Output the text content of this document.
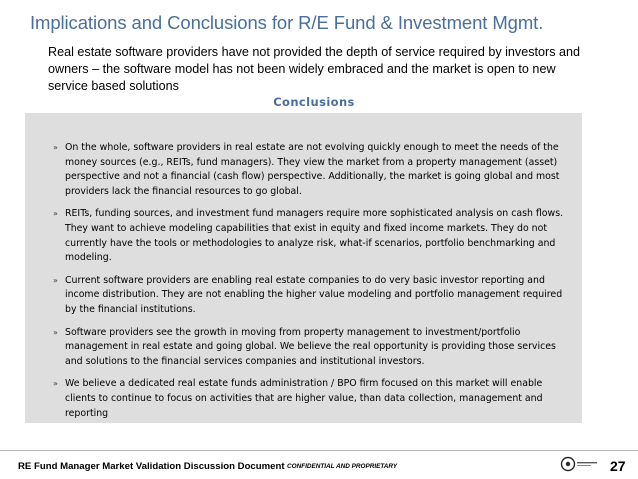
Implications and Conclusions for R/E Fund & Investment Mgmt.
Real estate software providers have not provided the depth of service required by investors and owners – the software model has not been widely embraced and the market is open to new service based solutions
Conclusions
» On the whole, software providers in real estate are not evolving quickly enough to meet the needs of the money sources (e.g., REITs, fund managers). They view the market from a property management (asset) perspective and not a financial (cash flow) perspective. Additionally, the market is going global and most providers lack the financial resources to go global.
» REITs, funding sources, and investment fund managers require more sophisticated analysis on cash flows. They want to achieve modeling capabilities that exist in equity and fixed income markets. They do not currently have the tools or methodologies to analyze risk, what-if scenarios, portfolio benchmarking and modeling.
» Current software providers are enabling real estate companies to do very basic investor reporting and income distribution. They are not enabling the higher value modeling and portfolio management required by the financial institutions.
» Software providers see the growth in moving from property management to investment/portfolio management in real estate and going global. We believe the real opportunity is providing those services and solutions to the financial services companies and institutional investors.
» We believe a dedicated real estate funds administration / BPO firm focused on this market will enable clients to continue to focus on activities that are higher value, than data collection, management and reporting
RE Fund Manager Market Validation Discussion Document CONFIDENTIAL AND PROPRIETARY	27
